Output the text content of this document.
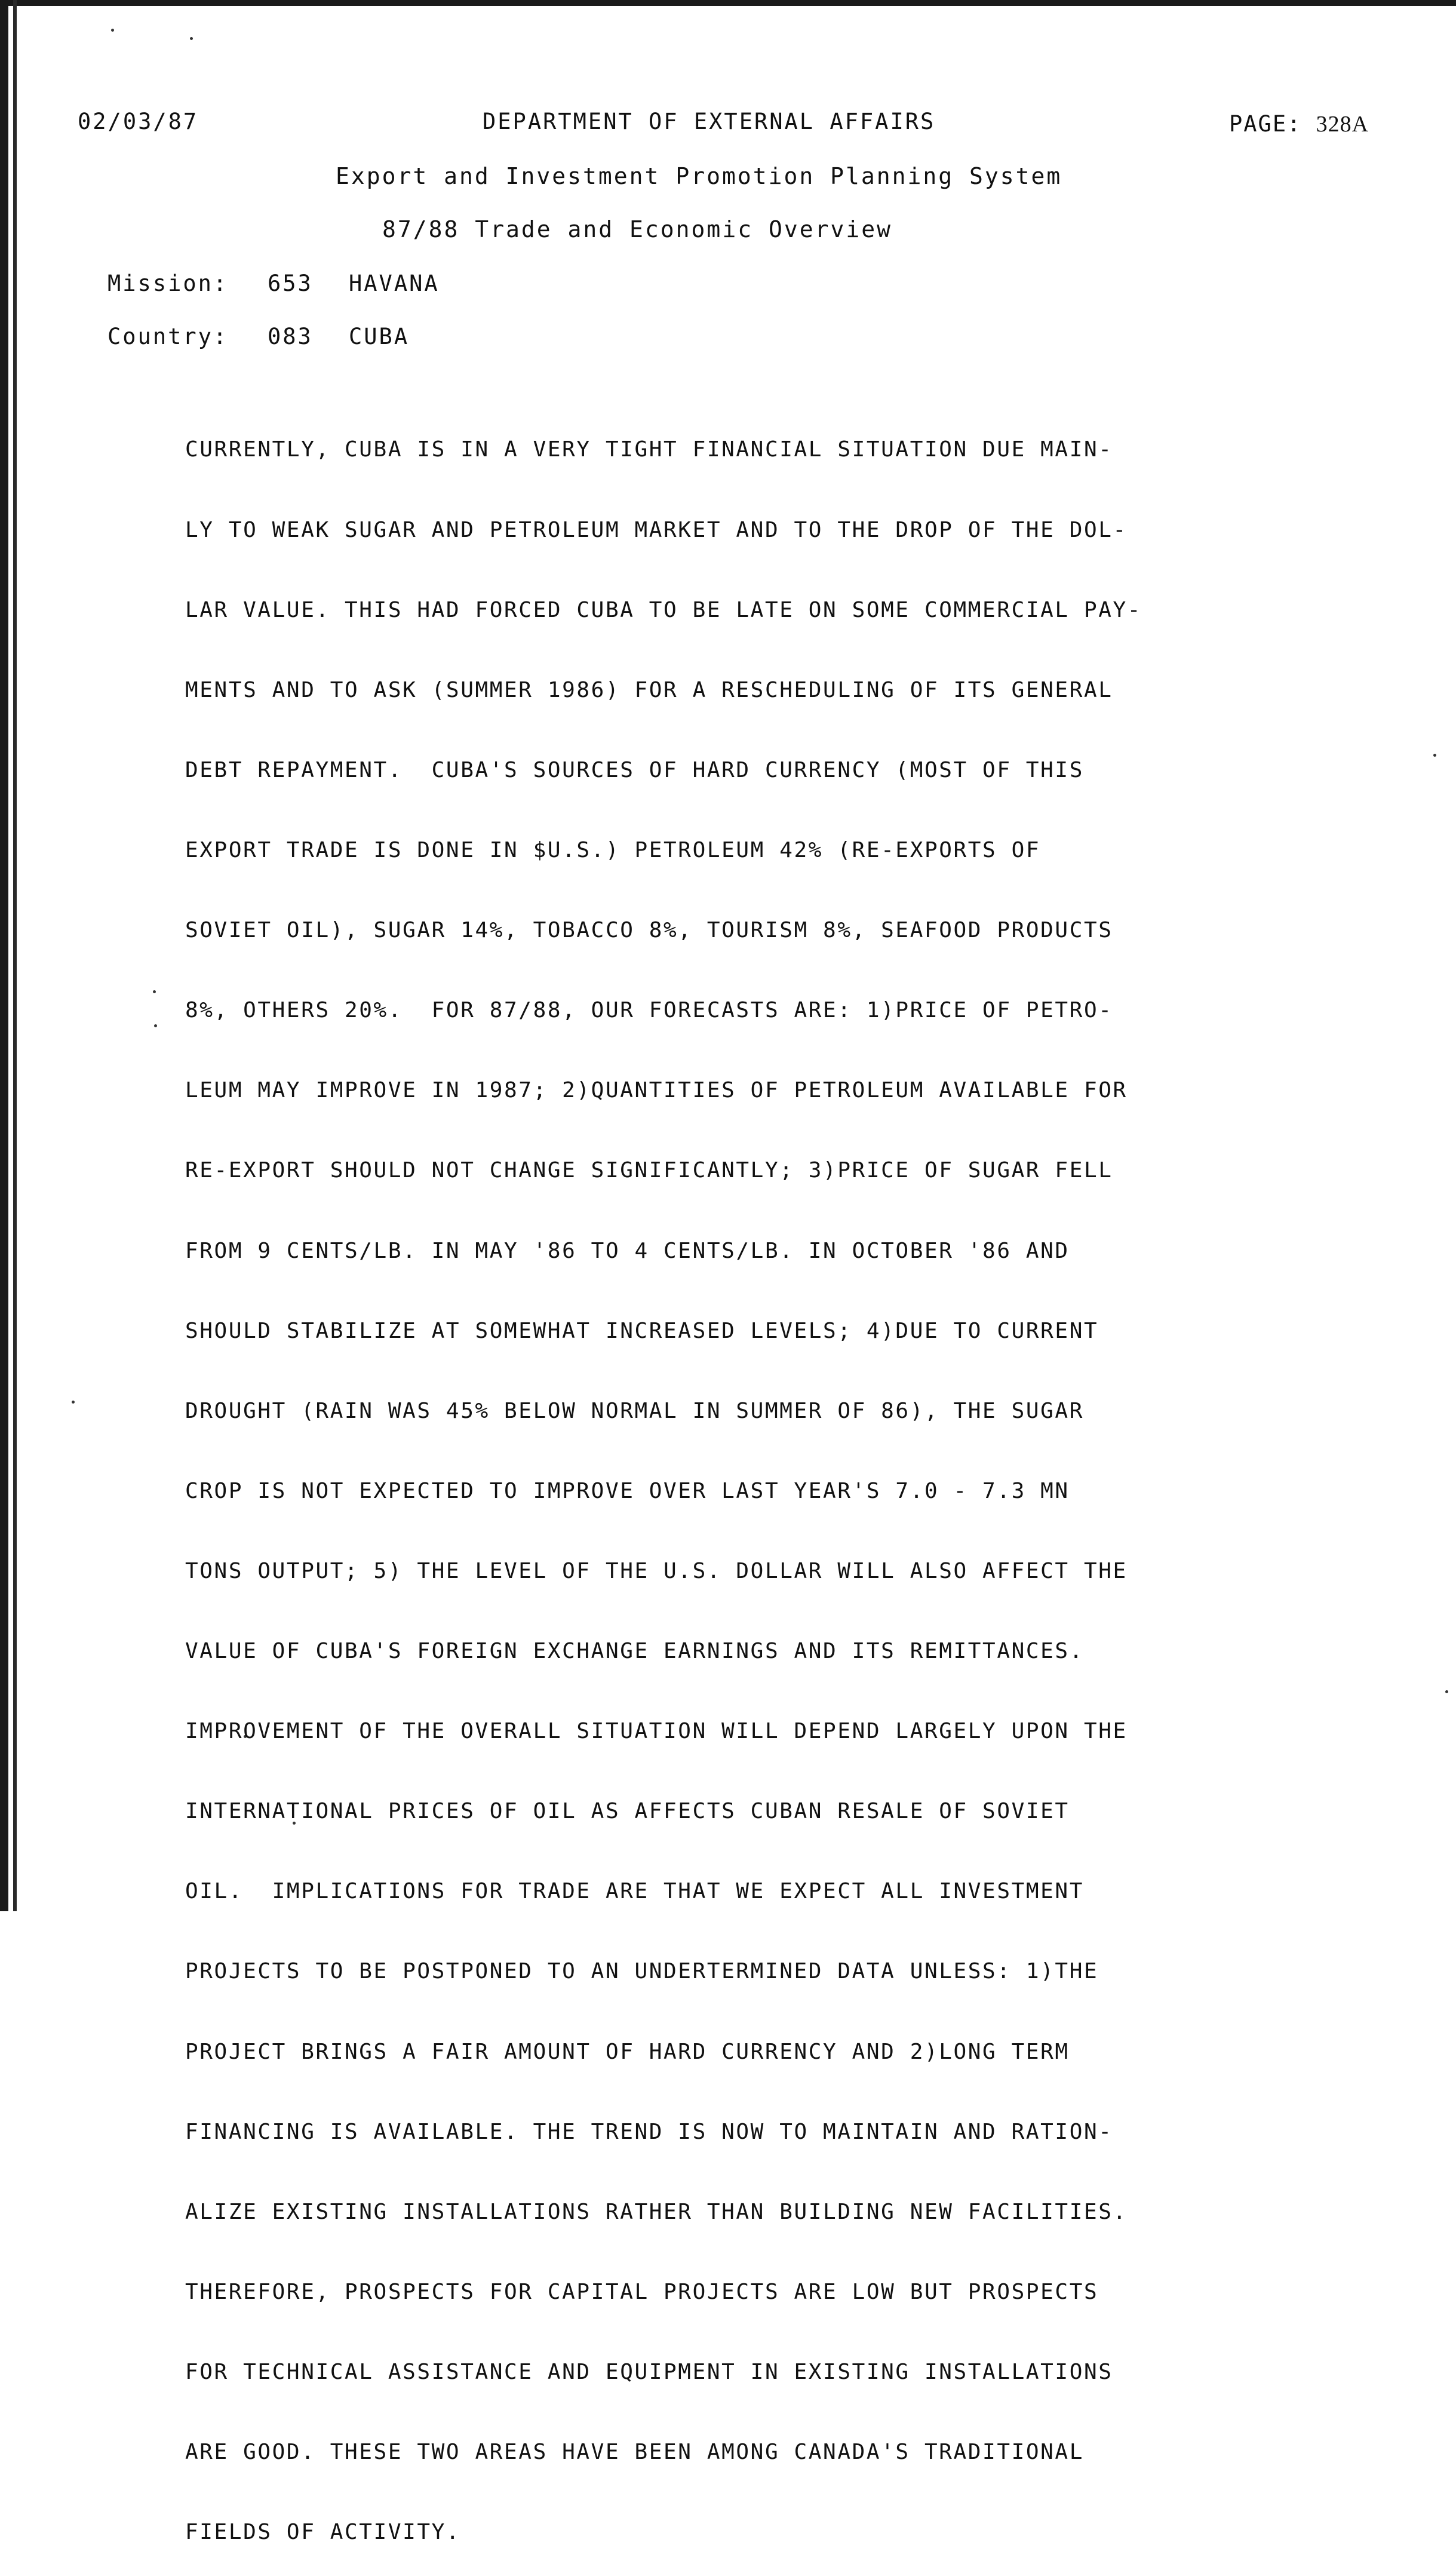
02/03/87	DEPARTMENT OF EXTERNAL AFFAIRS	PAGE: 328A
Export and Investment Promotion Planning System
87/88 Trade and Economic Overview
Mission: 653 HAVANA
Country: 083 CUBA

CURRENTLY, CUBA IS IN A VERY TIGHT FINANCIAL SITUATION DUE MAIN-

LY TO WEAK SUGAR AND PETROLEUM MARKET AND TO THE DROP OF THE DOL-

LAR VALUE. THIS HAD FORCED CUBA TO BE LATE ON SOME COMMERCIAL PAY-

MENTS AND TO ASK (SUMMER 1986) FOR A RESCHEDULING OF ITS GENERAL

DEBT REPAYMENT.  CUBA'S SOURCES OF HARD CURRENCY (MOST OF THIS

EXPORT TRADE IS DONE IN $U.S.) PETROLEUM 42% (RE-EXPORTS OF

SOVIET OIL), SUGAR 14%, TOBACCO 8%, TOURISM 8%, SEAFOOD PRODUCTS

8%, OTHERS 20%.  FOR 87/88, OUR FORECASTS ARE: 1)PRICE OF PETRO-

LEUM MAY IMPROVE IN 1987; 2)QUANTITIES OF PETROLEUM AVAILABLE FOR

RE-EXPORT SHOULD NOT CHANGE SIGNIFICANTLY; 3)PRICE OF SUGAR FELL

FROM 9 CENTS/LB. IN MAY '86 TO 4 CENTS/LB. IN OCTOBER '86 AND

SHOULD STABILIZE AT SOMEWHAT INCREASED LEVELS; 4)DUE TO CURRENT

DROUGHT (RAIN WAS 45% BELOW NORMAL IN SUMMER OF 86), THE SUGAR

CROP IS NOT EXPECTED TO IMPROVE OVER LAST YEAR'S 7.0 - 7.3 MN

TONS OUTPUT; 5) THE LEVEL OF THE U.S. DOLLAR WILL ALSO AFFECT THE

VALUE OF CUBA'S FOREIGN EXCHANGE EARNINGS AND ITS REMITTANCES.

IMPROVEMENT OF THE OVERALL SITUATION WILL DEPEND LARGELY UPON THE

INTERNATIONAL PRICES OF OIL AS AFFECTS CUBAN RESALE OF SOVIET

OIL.  IMPLICATIONS FOR TRADE ARE THAT WE EXPECT ALL INVESTMENT

PROJECTS TO BE POSTPONED TO AN UNDERTERMINED DATA UNLESS: 1)THE

PROJECT BRINGS A FAIR AMOUNT OF HARD CURRENCY AND 2)LONG TERM

FINANCING IS AVAILABLE. THE TREND IS NOW TO MAINTAIN AND RATION-

ALIZE EXISTING INSTALLATIONS RATHER THAN BUILDING NEW FACILITIES.

THEREFORE, PROSPECTS FOR CAPITAL PROJECTS ARE LOW BUT PROSPECTS

FOR TECHNICAL ASSISTANCE AND EQUIPMENT IN EXISTING INSTALLATIONS

ARE GOOD. THESE TWO AREAS HAVE BEEN AMONG CANADA'S TRADITIONAL

FIELDS OF ACTIVITY.
